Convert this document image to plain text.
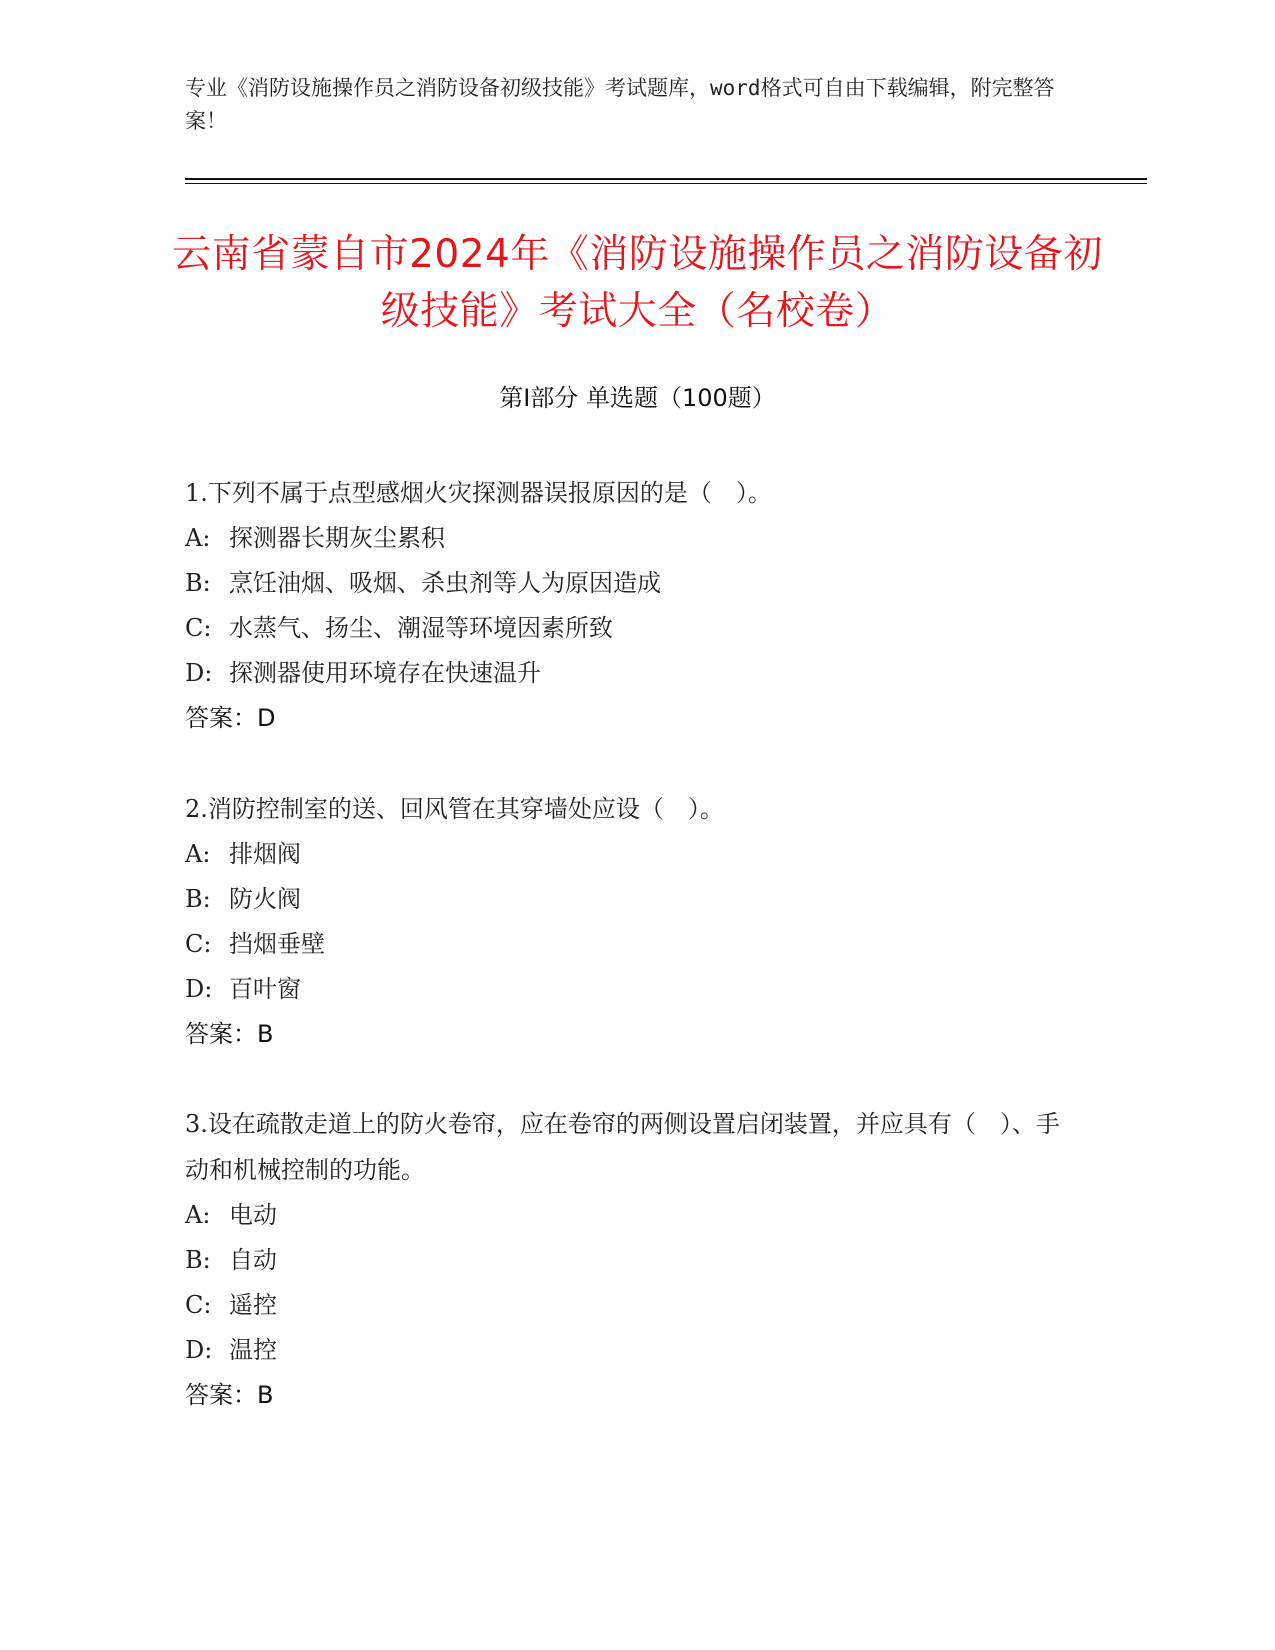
专业《消防设施操作员之消防设备初级技能》考试题库，word格式可自由下载编辑，附完整答案！
云南省蒙自市2024年《消防设施操作员之消防设备初级技能》考试大全（名校卷）
第Ⅰ部分 单选题（100题）

1.下列不属于点型感烟火灾探测器误报原因的是（　）。

A: 探测器长期灰尘累积

B: 烹饪油烟、吸烟、杀虫剂等人为原因造成

C: 水蒸气、扬尘、潮湿等环境因素所致

D: 探测器使用环境存在快速温升

答案：D

2.消防控制室的送、回风管在其穿墙处应设（　）。

A: 排烟阀

B: 防火阀

C: 挡烟垂壁

D: 百叶窗

答案：B

3.设在疏散走道上的防火卷帘，应在卷帘的两侧设置启闭装置，并应具有（　）、手动和机械控制的功能。

A: 电动

B: 自动

C: 遥控

D: 温控

答案：B
